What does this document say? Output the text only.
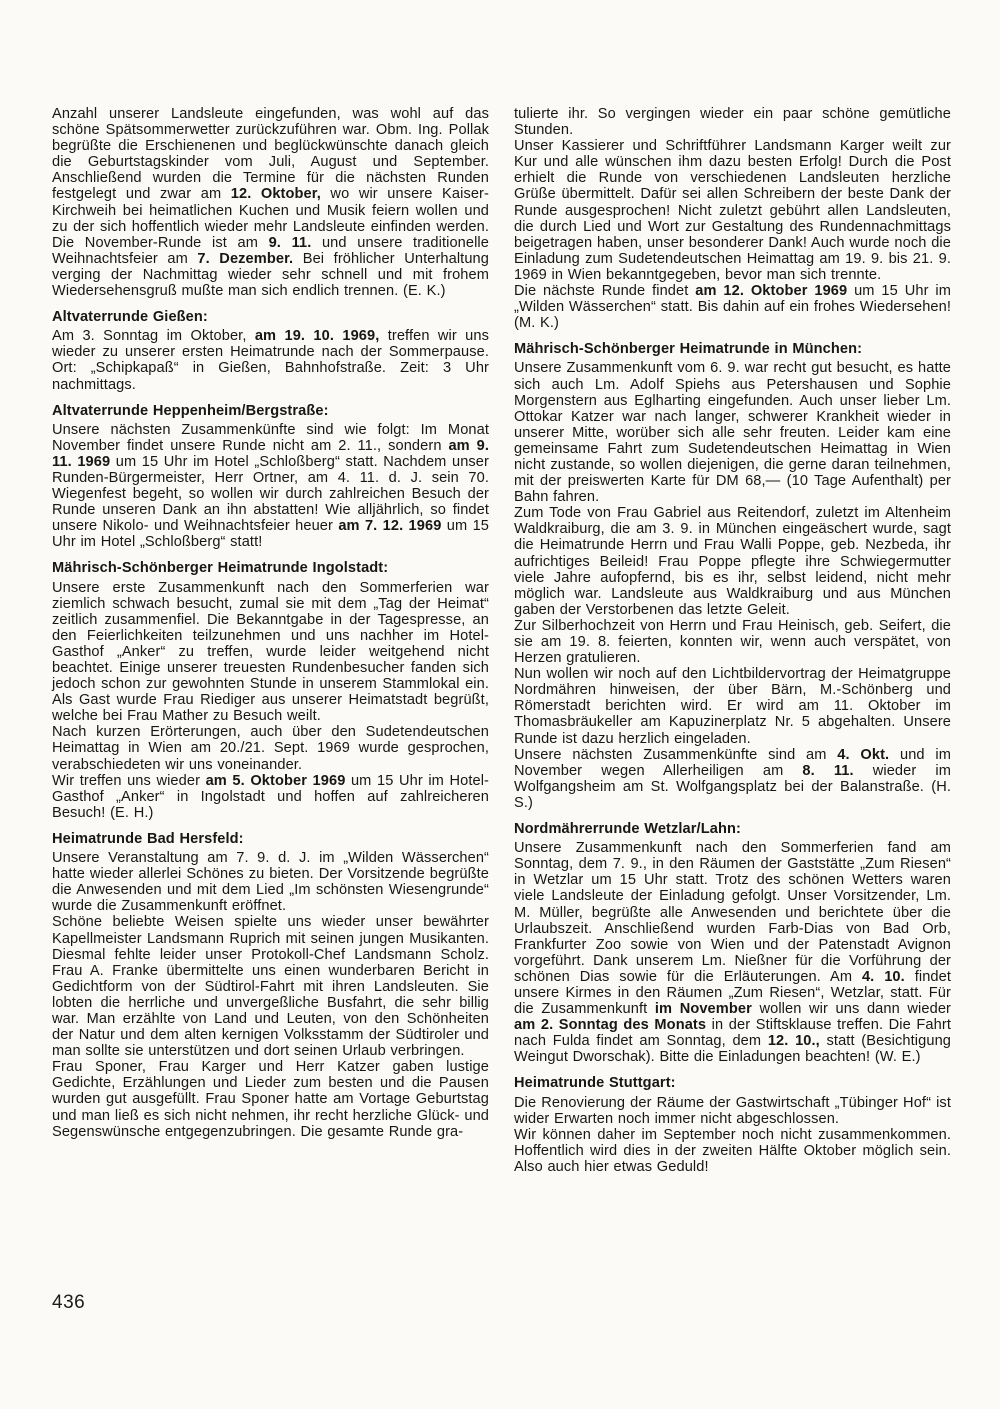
Anzahl unserer Landsleute eingefunden, was wohl auf das schöne Spätsommerwetter zurückzuführen war. Obm. Ing. Pollak begrüßte die Erschienenen und beglückwünschte danach gleich die Geburtstagskinder vom Juli, August und September. Anschließend wurden die Termine für die nächsten Runden festgelegt und zwar am 12. Oktober, wo wir unsere Kaiser-Kirchweih bei heimatlichen Kuchen und Musik feiern wollen und zu der sich hoffentlich wieder mehr Landsleute einfinden werden. Die November-Runde ist am 9. 11. und unsere traditionelle Weihnachtsfeier am 7. Dezember. Bei fröhlicher Unterhaltung verging der Nachmittag wieder sehr schnell und mit frohem Wiedersehensgruß mußte man sich endlich trennen. (E. K.)

Altvaterrunde Gießen:

Am 3. Sonntag im Oktober, am 19. 10. 1969, treffen wir uns wieder zu unserer ersten Heimatrunde nach der Sommerpause. Ort: „Schipkapaß“ in Gießen, Bahnhofstraße. Zeit: 3 Uhr nachmittags.

Altvaterrunde Heppenheim/Bergstraße:

Unsere nächsten Zusammenkünfte sind wie folgt: Im Monat November findet unsere Runde nicht am 2. 11., sondern am 9. 11. 1969 um 15 Uhr im Hotel „Schloßberg“ statt. Nachdem unser Runden-Bürgermeister, Herr Ortner, am 4. 11. d. J. sein 70. Wiegenfest begeht, so wollen wir durch zahlreichen Besuch der Runde unseren Dank an ihn abstatten! Wie alljährlich, so findet unsere Nikolo- und Weihnachtsfeier heuer am 7. 12. 1969 um 15 Uhr im Hotel „Schloßberg“ statt!

Mährisch-Schönberger Heimatrunde Ingolstadt:

Unsere erste Zusammenkunft nach den Sommerferien war ziemlich schwach besucht, zumal sie mit dem „Tag der Heimat“ zeitlich zusammenfiel. Die Bekanntgabe in der Tagespresse, an den Feierlichkeiten teilzunehmen und uns nachher im Hotel-Gasthof „Anker“ zu treffen, wurde leider weitgehend nicht beachtet. Einige unserer treuesten Rundenbesucher fanden sich jedoch schon zur gewohnten Stunde in unserem Stammlokal ein. Als Gast wurde Frau Riediger aus unserer Heimatstadt begrüßt, welche bei Frau Mather zu Besuch weilt.

Nach kurzen Erörterungen, auch über den Sudetendeutschen Heimattag in Wien am 20./21. Sept. 1969 wurde gesprochen, verabschiedeten wir uns voneinander.

Wir treffen uns wieder am 5. Oktober 1969 um 15 Uhr im Hotel-Gasthof „Anker“ in Ingolstadt und hoffen auf zahlreicheren Besuch! (E. H.)

Heimatrunde Bad Hersfeld:

Unsere Veranstaltung am 7. 9. d. J. im „Wilden Wässerchen“ hatte wieder allerlei Schönes zu bieten. Der Vorsitzende begrüßte die Anwesenden und mit dem Lied „Im schönsten Wiesengrunde“ wurde die Zusammenkunft eröffnet.

Schöne beliebte Weisen spielte uns wieder unser bewährter Kapellmeister Landsmann Ruprich mit seinen jungen Musikanten. Diesmal fehlte leider unser Protokoll-Chef Landsmann Scholz. Frau A. Franke übermittelte uns einen wunderbaren Bericht in Gedichtform von der Südtirol-Fahrt mit ihren Landsleuten. Sie lobten die herrliche und unvergeßliche Busfahrt, die sehr billig war. Man erzählte von Land und Leuten, von den Schönheiten der Natur und dem alten kernigen Volksstamm der Südtiroler und man sollte sie unterstützen und dort seinen Urlaub verbringen.

Frau Sponer, Frau Karger und Herr Katzer gaben lustige Gedichte, Erzählungen und Lieder zum besten und die Pausen wurden gut ausgefüllt. Frau Sponer hatte am Vortage Geburtstag und man ließ es sich nicht nehmen, ihr recht herzliche Glück- und Segenswünsche entgegenzubringen. Die gesamte Runde gra-

tulierte ihr. So vergingen wieder ein paar schöne gemütliche Stunden.

Unser Kassierer und Schriftführer Landsmann Karger weilt zur Kur und alle wünschen ihm dazu besten Erfolg! Durch die Post erhielt die Runde von verschiedenen Landsleuten herzliche Grüße übermittelt. Dafür sei allen Schreibern der beste Dank der Runde ausgesprochen! Nicht zuletzt gebührt allen Landsleuten, die durch Lied und Wort zur Gestaltung des Rundennachmittags beigetragen haben, unser besonderer Dank! Auch wurde noch die Einladung zum Sudetendeutschen Heimattag am 19. 9. bis 21. 9. 1969 in Wien bekanntgegeben, bevor man sich trennte.

Die nächste Runde findet am 12. Oktober 1969 um 15 Uhr im „Wilden Wässerchen“ statt. Bis dahin auf ein frohes Wiedersehen! (M. K.)

Mährisch-Schönberger Heimatrunde in München:

Unsere Zusammenkunft vom 6. 9. war recht gut besucht, es hatte sich auch Lm. Adolf Spiehs aus Petershausen und Sophie Morgenstern aus Eglharting eingefunden. Auch unser lieber Lm. Ottokar Katzer war nach langer, schwerer Krankheit wieder in unserer Mitte, worüber sich alle sehr freuten. Leider kam eine gemeinsame Fahrt zum Sudetendeutschen Heimattag in Wien nicht zustande, so wollen diejenigen, die gerne daran teilnehmen, mit der preiswerten Karte für DM 68,— (10 Tage Aufenthalt) per Bahn fahren.

Zum Tode von Frau Gabriel aus Reitendorf, zuletzt im Altenheim Waldkraiburg, die am 3. 9. in München eingeäschert wurde, sagt die Heimatrunde Herrn und Frau Walli Poppe, geb. Nezbeda, ihr aufrichtiges Beileid! Frau Poppe pflegte ihre Schwiegermutter viele Jahre aufopfernd, bis es ihr, selbst leidend, nicht mehr möglich war. Landsleute aus Waldkraiburg und aus München gaben der Verstorbenen das letzte Geleit.

Zur Silberhochzeit von Herrn und Frau Heinisch, geb. Seifert, die sie am 19. 8. feierten, konnten wir, wenn auch verspätet, von Herzen gratulieren.

Nun wollen wir noch auf den Lichtbildervortrag der Heimatgruppe Nordmähren hinweisen, der über Bärn, M.-Schönberg und Römerstadt berichten wird. Er wird am 11. Oktober im Thomasbräukeller am Kapuzinerplatz Nr. 5 abgehalten. Unsere Runde ist dazu herzlich eingeladen.

Unsere nächsten Zusammenkünfte sind am 4. Okt. und im November wegen Allerheiligen am 8. 11. wieder im Wolfgangsheim am St. Wolfgangsplatz bei der Balanstraße. (H. S.)

Nordmährerrunde Wetzlar/Lahn:

Unsere Zusammenkunft nach den Sommerferien fand am Sonntag, dem 7. 9., in den Räumen der Gaststätte „Zum Riesen“ in Wetzlar um 15 Uhr statt. Trotz des schönen Wetters waren viele Landsleute der Einladung gefolgt. Unser Vorsitzender, Lm. M. Müller, begrüßte alle Anwesenden und berichtete über die Urlaubszeit. Anschließend wurden Farb-Dias von Bad Orb, Frankfurter Zoo sowie von Wien und der Patenstadt Avignon vorgeführt. Dank unserem Lm. Nießner für die Vorführung der schönen Dias sowie für die Erläuterungen. Am 4. 10. findet unsere Kirmes in den Räumen „Zum Riesen“, Wetzlar, statt. Für die Zusammenkunft im November wollen wir uns dann wieder am 2. Sonntag des Monats in der Stiftsklause treffen. Die Fahrt nach Fulda findet am Sonntag, dem 12. 10., statt (Besichtigung Weingut Dworschak). Bitte die Einladungen beachten! (W. E.)

Heimatrunde Stuttgart:

Die Renovierung der Räume der Gastwirtschaft „Tübinger Hof“ ist wider Erwarten noch immer nicht abgeschlossen.

Wir können daher im September noch nicht zusammenkommen. Hoffentlich wird dies in der zweiten Hälfte Oktober möglich sein. Also auch hier etwas Geduld!

436
